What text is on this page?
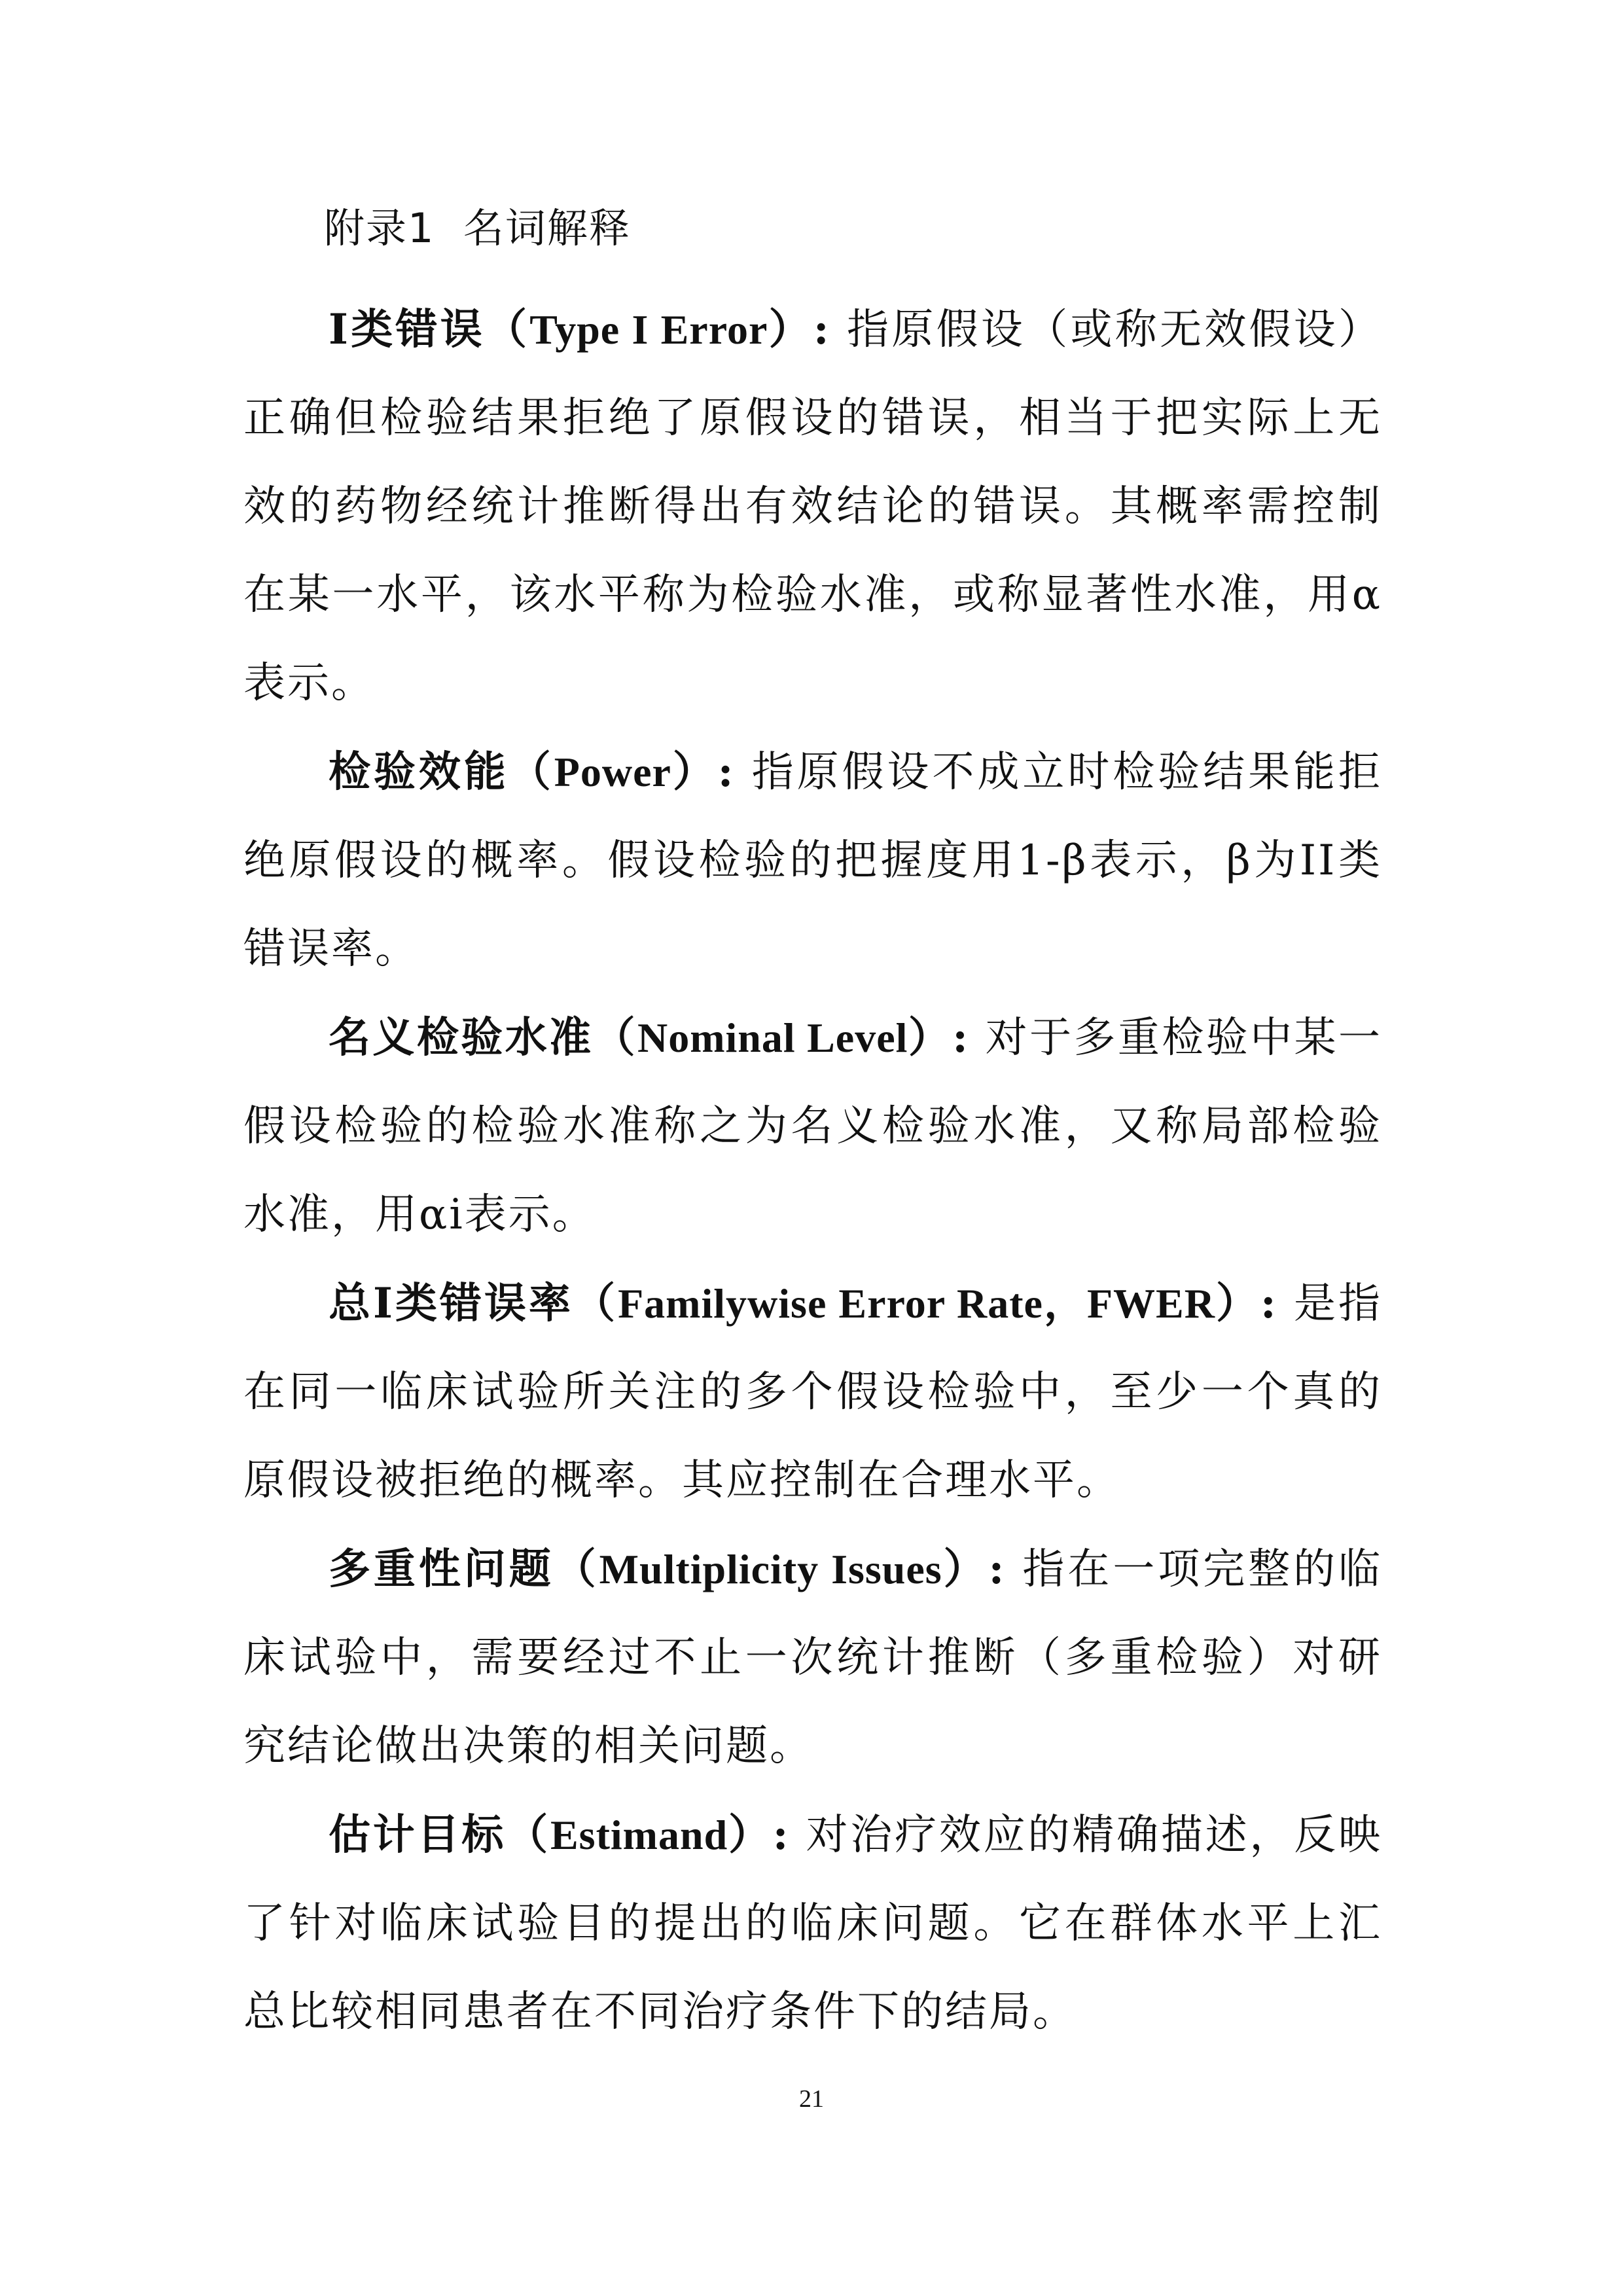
附录1  名词解释

I类错误（Type I Error）: 指原假设（或称无效假设）正确但检验结果拒绝了原假设的错误，相当于把实际上无效的药物经统计推断得出有效结论的错误。其概率需控制在某一水平，该水平称为检验水准，或称显著性水准，用α表示。

检验效能（Power）: 指原假设不成立时检验结果能拒绝原假设的概率。假设检验的把握度用1-β表示，β为II类错误率。

名义检验水准（Nominal Level）: 对于多重检验中某一假设检验的检验水准称之为名义检验水准，又称局部检验水准，用αi表示。

总I类错误率（Familywise Error Rate，FWER）: 是指在同一临床试验所关注的多个假设检验中，至少一个真的原假设被拒绝的概率。其应控制在合理水平。

多重性问题（Multiplicity Issues）: 指在一项完整的临床试验中，需要经过不止一次统计推断（多重检验）对研究结论做出决策的相关问题。

估计目标（Estimand）: 对治疗效应的精确描述，反映了针对临床试验目的提出的临床问题。它在群体水平上汇总比较相同患者在不同治疗条件下的结局。

21
